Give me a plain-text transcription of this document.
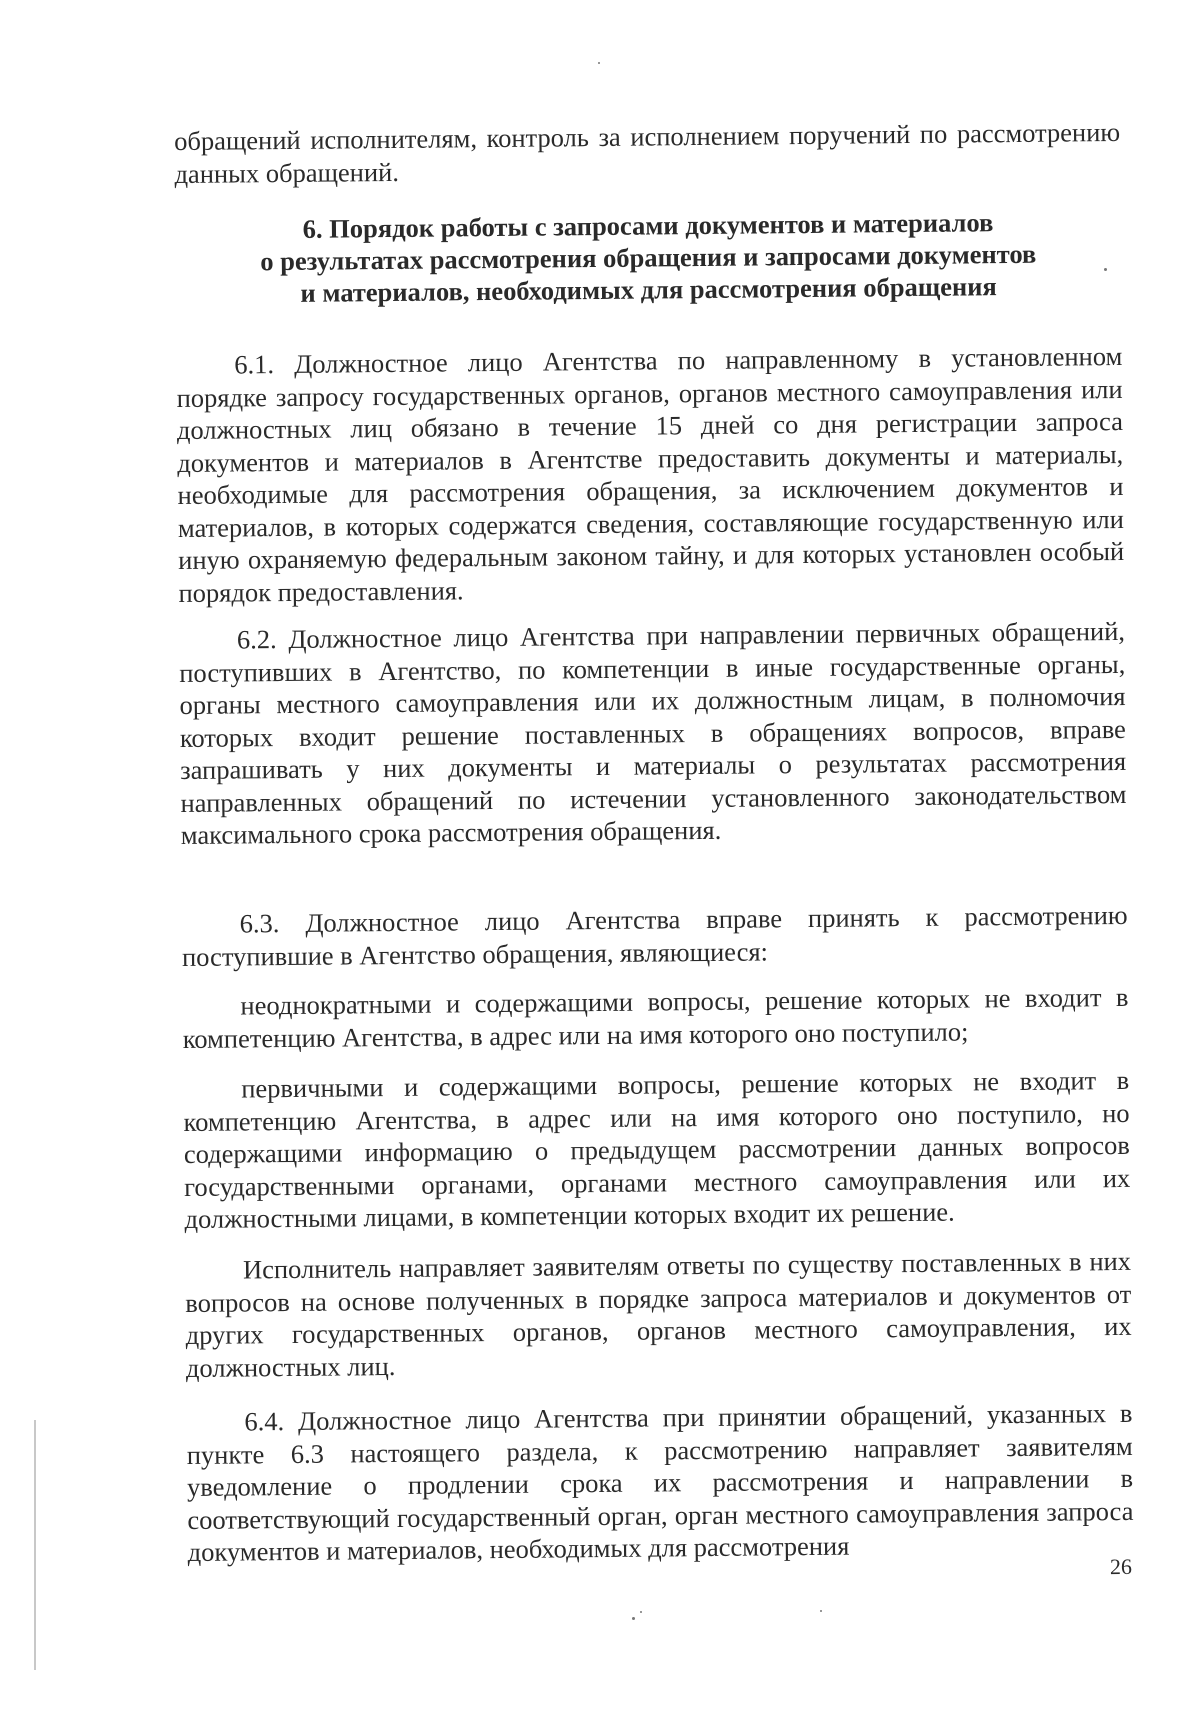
обращений исполнителям, контроль за исполнением поручений по рассмотрению данных обращений.

6. Порядок работы с запросами документов и материалов
о результатах рассмотрения обращения и запросами документов
и материалов, необходимых для рассмотрения обращения

6.1. Должностное лицо Агентства по направленному в установленном порядке запросу государственных органов, органов местного самоуправления или должностных лиц обязано в течение 15 дней со дня регистрации запроса документов и материалов в Агентстве предоставить документы и материалы, необходимые для рассмотрения обращения, за исключением документов и материалов, в которых содержатся сведения, составляющие государственную или иную охраняемую федеральным законом тайну, и для которых установлен особый порядок предоставления.

6.2. Должностное лицо Агентства при направлении первичных обращений, поступивших в Агентство, по компетенции в иные государственные органы, органы местного самоуправления или их должностным лицам, в полномочия которых входит решение поставленных в обращениях вопросов, вправе запрашивать у них документы и материалы о результатах рассмотрения направленных обращений по истечении установленного законодательством максимального срока рассмотрения обращения.

6.3. Должностное лицо Агентства вправе принять к рассмотрению поступившие в Агентство обращения, являющиеся:

неоднократными и содержащими вопросы, решение которых не входит в компетенцию Агентства, в адрес или на имя которого оно поступило;

первичными и содержащими вопросы, решение которых не входит в компетенцию Агентства, в адрес или на имя которого оно поступило, но содержащими информацию о предыдущем рассмотрении данных вопросов государственными органами, органами местного самоуправления или их должностными лицами, в компетенции которых входит их решение.

Исполнитель направляет заявителям ответы по существу поставленных в них вопросов на основе полученных в порядке запроса материалов и документов от других государственных органов, органов местного самоуправления, их должностных лиц.

6.4. Должностное лицо Агентства при принятии обращений, указанных в пункте 6.3 настоящего раздела, к рассмотрению направляет заявителям уведомление о продлении срока их рассмотрения и направлении в соответствующий государственный орган, орган местного самоуправления запроса документов и материалов, необходимых для рассмотрения	26
